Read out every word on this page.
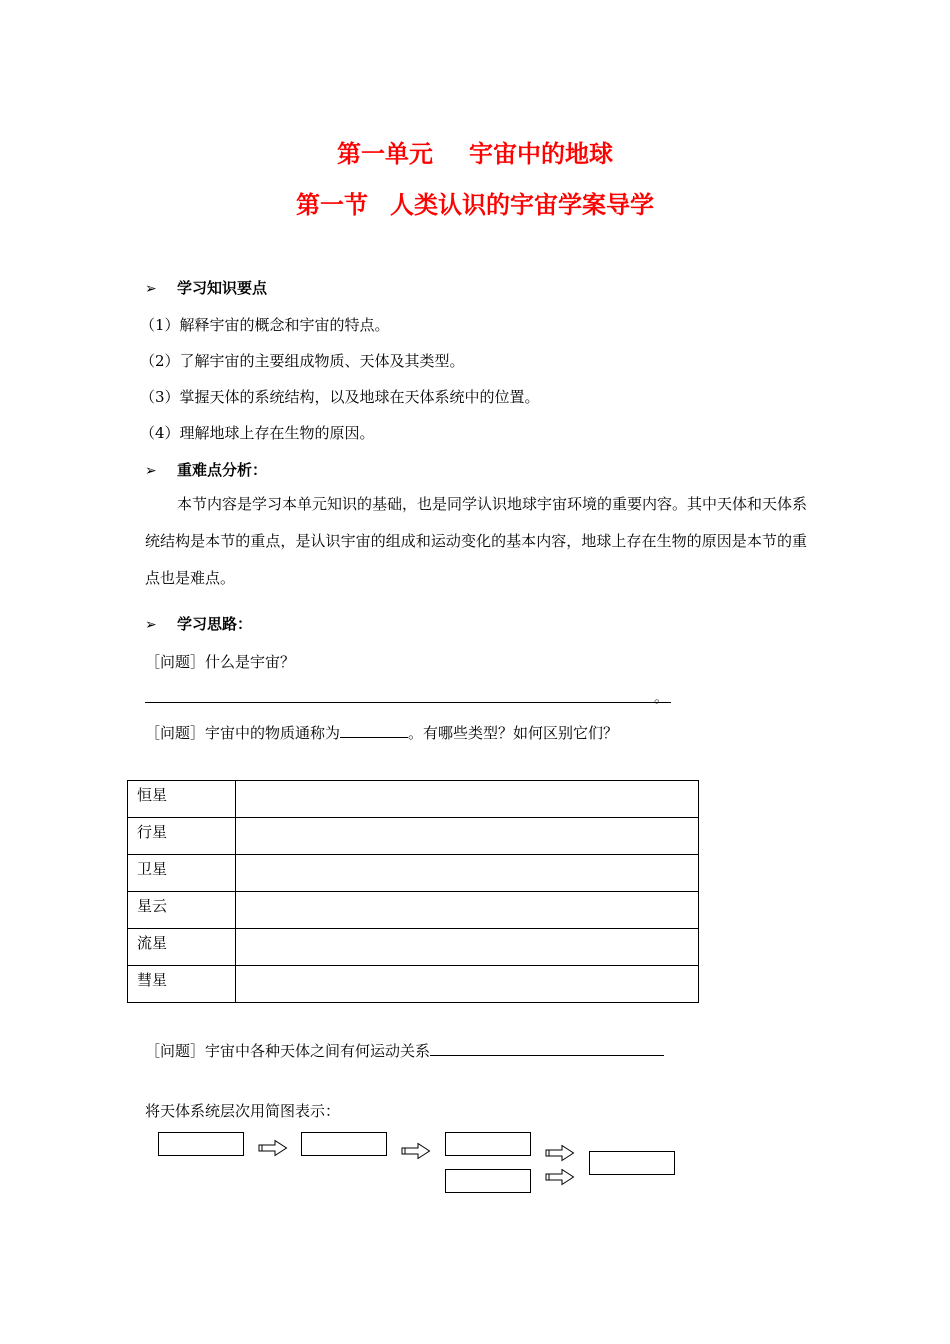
第一单元 宇宙中的地球
第一节 人类认识的宇宙学案导学
➢ 学习知识要点
（1）解释宇宙的概念和宇宙的特点。
（2）了解宇宙的主要组成物质、天体及其类型。
（3）掌握天体的系统结构，以及地球在天体系统中的位置。
（4）理解地球上存在生物的原因。
➢ 重难点分析：
本节内容是学习本单元知识的基础，也是同学认识地球宇宙环境的重要内容。其中天体和天体系统结构是本节的重点，是认识宇宙的组成和运动变化的基本内容，地球上存在生物的原因是本节的重点也是难点。
➢ 学习思路：
［问题］什么是宇宙？
。
［问题］宇宙中的物质通称为	。有哪些类型？如何区别它们？
恒星	
行星	
卫星	
星云	
流星	
彗星	
［问题］宇宙中各种天体之间有何运动关系
将天体系统层次用简图表示：
